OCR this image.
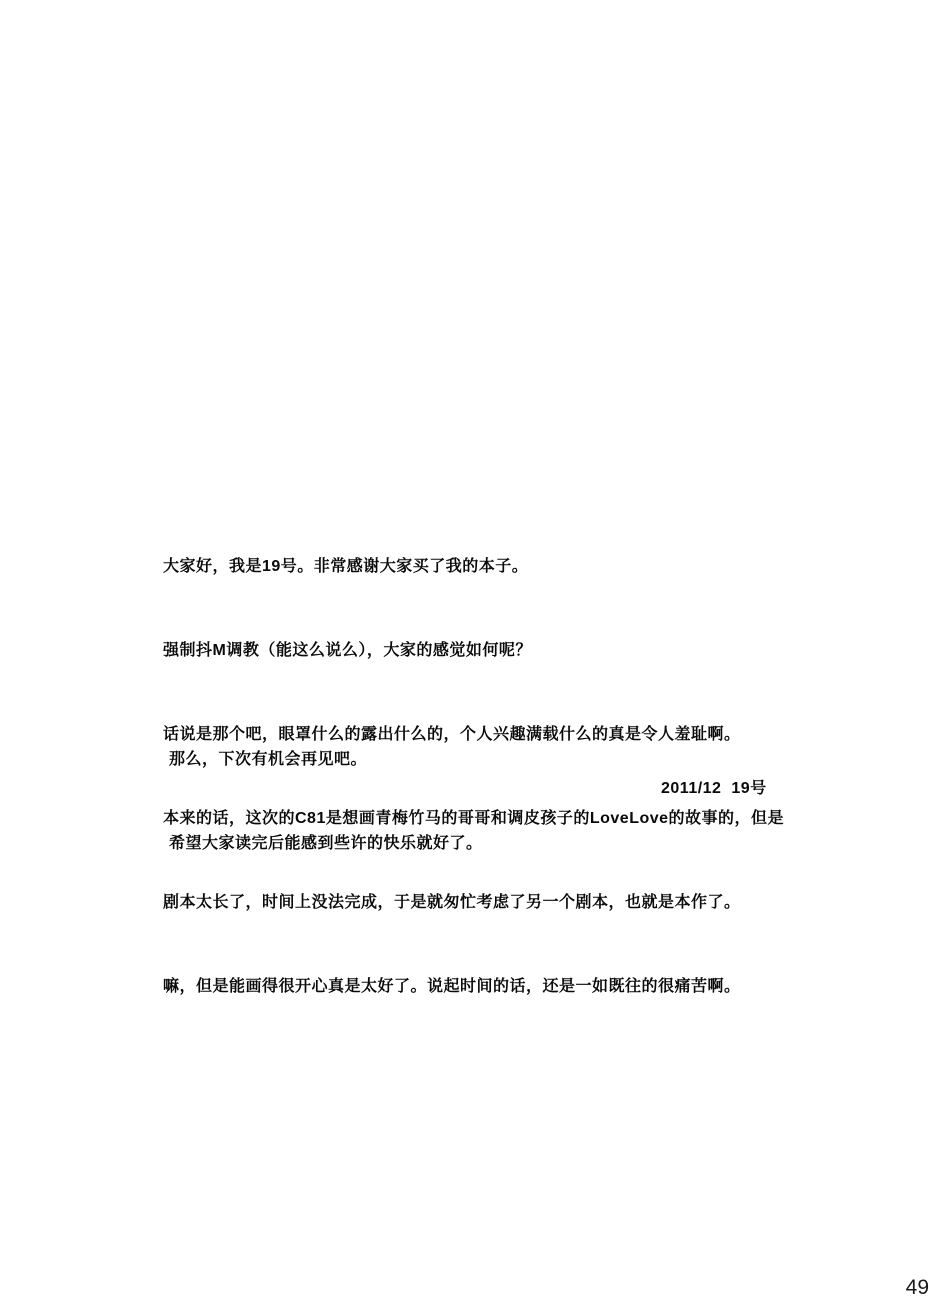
大家好，我是19号。非常感谢大家买了我的本子。

强制抖M调教（能这么说么），大家的感觉如何呢？

话说是那个吧，眼罩什么的露出什么的，个人兴趣满载什么的真是令人羞耻啊。

本来的话，这次的C81是想画青梅竹马的哥哥和调皮孩子的LoveLove的故事的，但是

剧本太长了，时间上没法完成，于是就匆忙考虑了另一个剧本，也就是本作了。

嘛，但是能画得很开心真是太好了。说起时间的话，还是一如既往的很痛苦啊。

那么，下次有机会再见吧。

希望大家读完后能感到些许的快乐就好了。

2011/12  19号
49
